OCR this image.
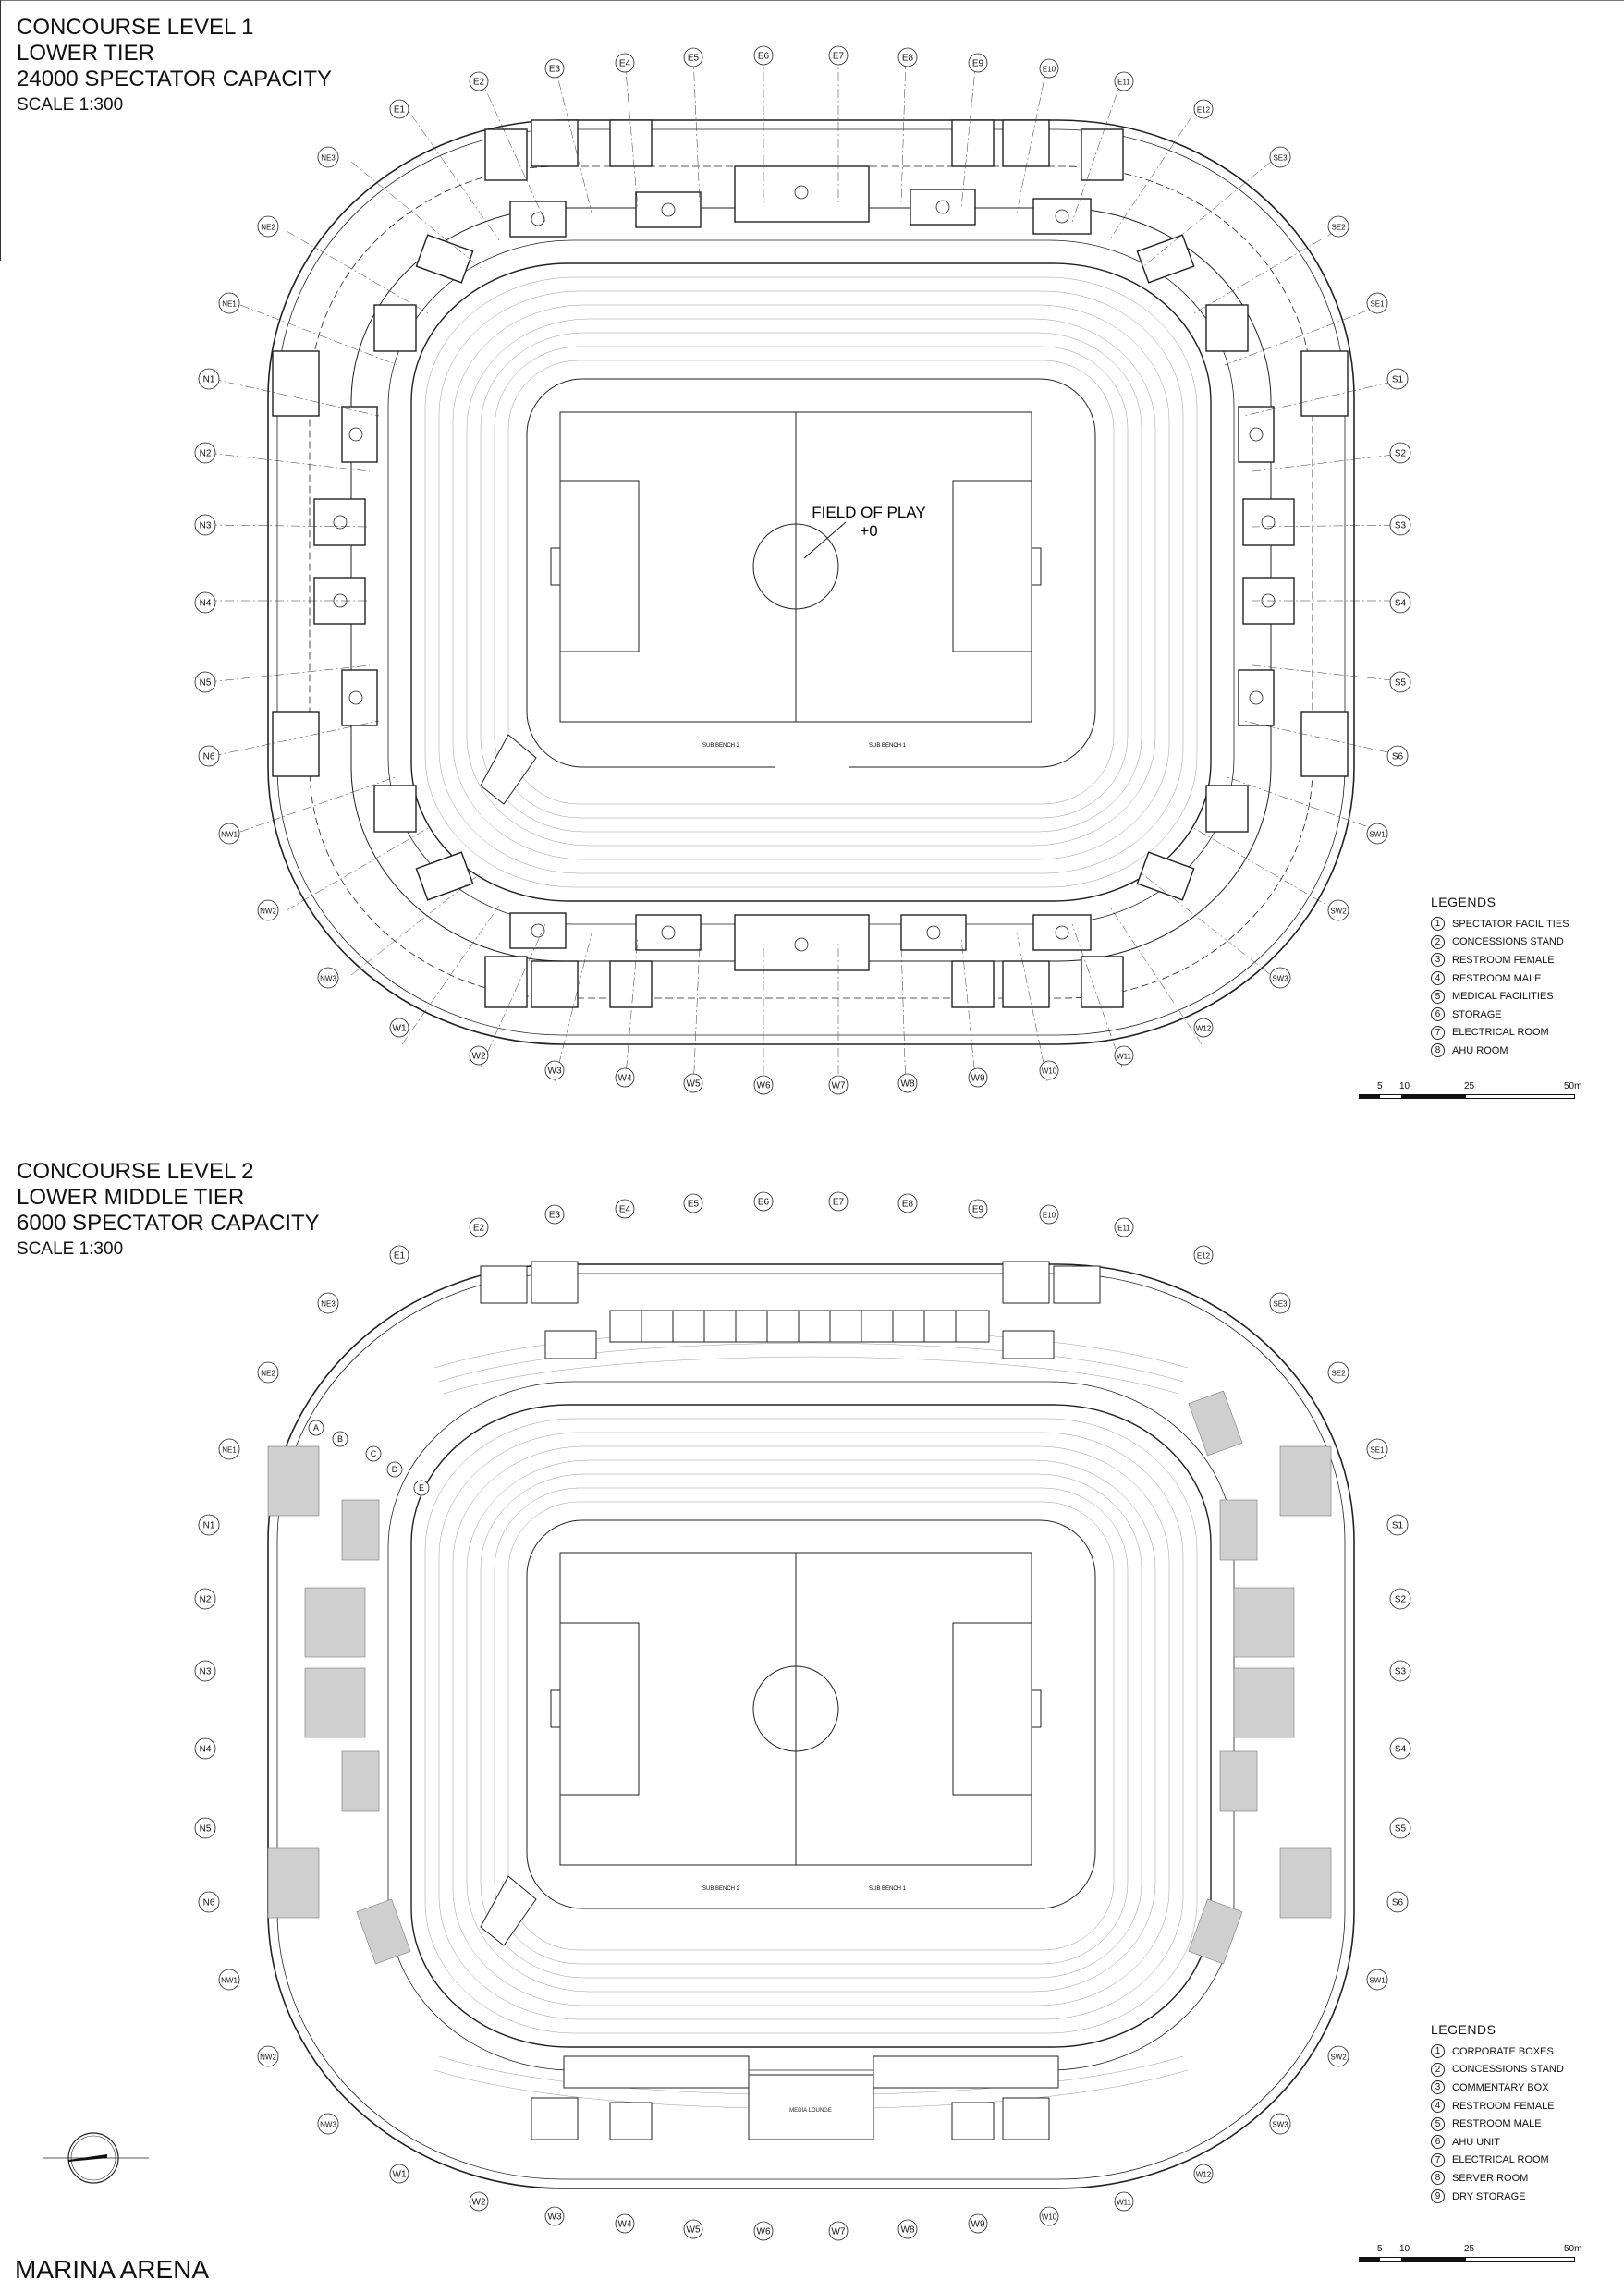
CONCOURSE LEVEL 1
LOWER TIER
24000 SPECTATOR CAPACITY
SCALE 1:300
FIELD OF PLAY
+0
SUB BENCH 2	SUB BENCH 1
LEGENDS
1	SPECTATOR FACILITIES
2	CONCESSIONS STAND
3	RESTROOM FEMALE
4	RESTROOM MALE
5	MEDICAL FACILITIES
6	STORAGE
7	ELECTRICAL ROOM
8	AHU ROOM
5 10	25	50m
CONCOURSE LEVEL 2
LOWER MIDDLE TIER
6000 SPECTATOR CAPACITY
SCALE 1:300
SUB BENCH 2	SUB BENCH 1
MEDIA LOUNGE
A
B
C
D
E
LEGENDS
1	CORPORATE BOXES
2	CONCESSIONS STAND
3	COMMENTARY BOX
4	RESTROOM FEMALE
5	RESTROOM MALE
6	AHU UNIT
7	ELECTRICAL ROOM
8	SERVER ROOM
9	DRY STORAGE
5 10	25	50m
E1
E2
E3
E4
E5	E6	E7	E8
E9
E10
E11
E12
W1
W2
W3
W4
W5	W6	W7	W8
W9
W10
W11
W12
NE3
NE2
NE1
N1
N2
N3
N4
N5
N6
NW1
NW2
NW3
SE3
SE2
SE1
S1
S2
S3
S4
S5
S6
SW1
SW2
SW3
E1
E2
E3
E4
E5	E6	E7	E8
E9
E10
E11
E12
W1
W2
W3
W4
W5	W6	W7	W8
W9
W10
W11
W12
NE3
NE2
NE1
N1
N2
N3
N4
N5
N6
NW1
NW2
NW3
SE3
SE2
SE1
S1
S2
S3
S4
S5
S6
SW1
SW2
SW3
MARINA ARENA
